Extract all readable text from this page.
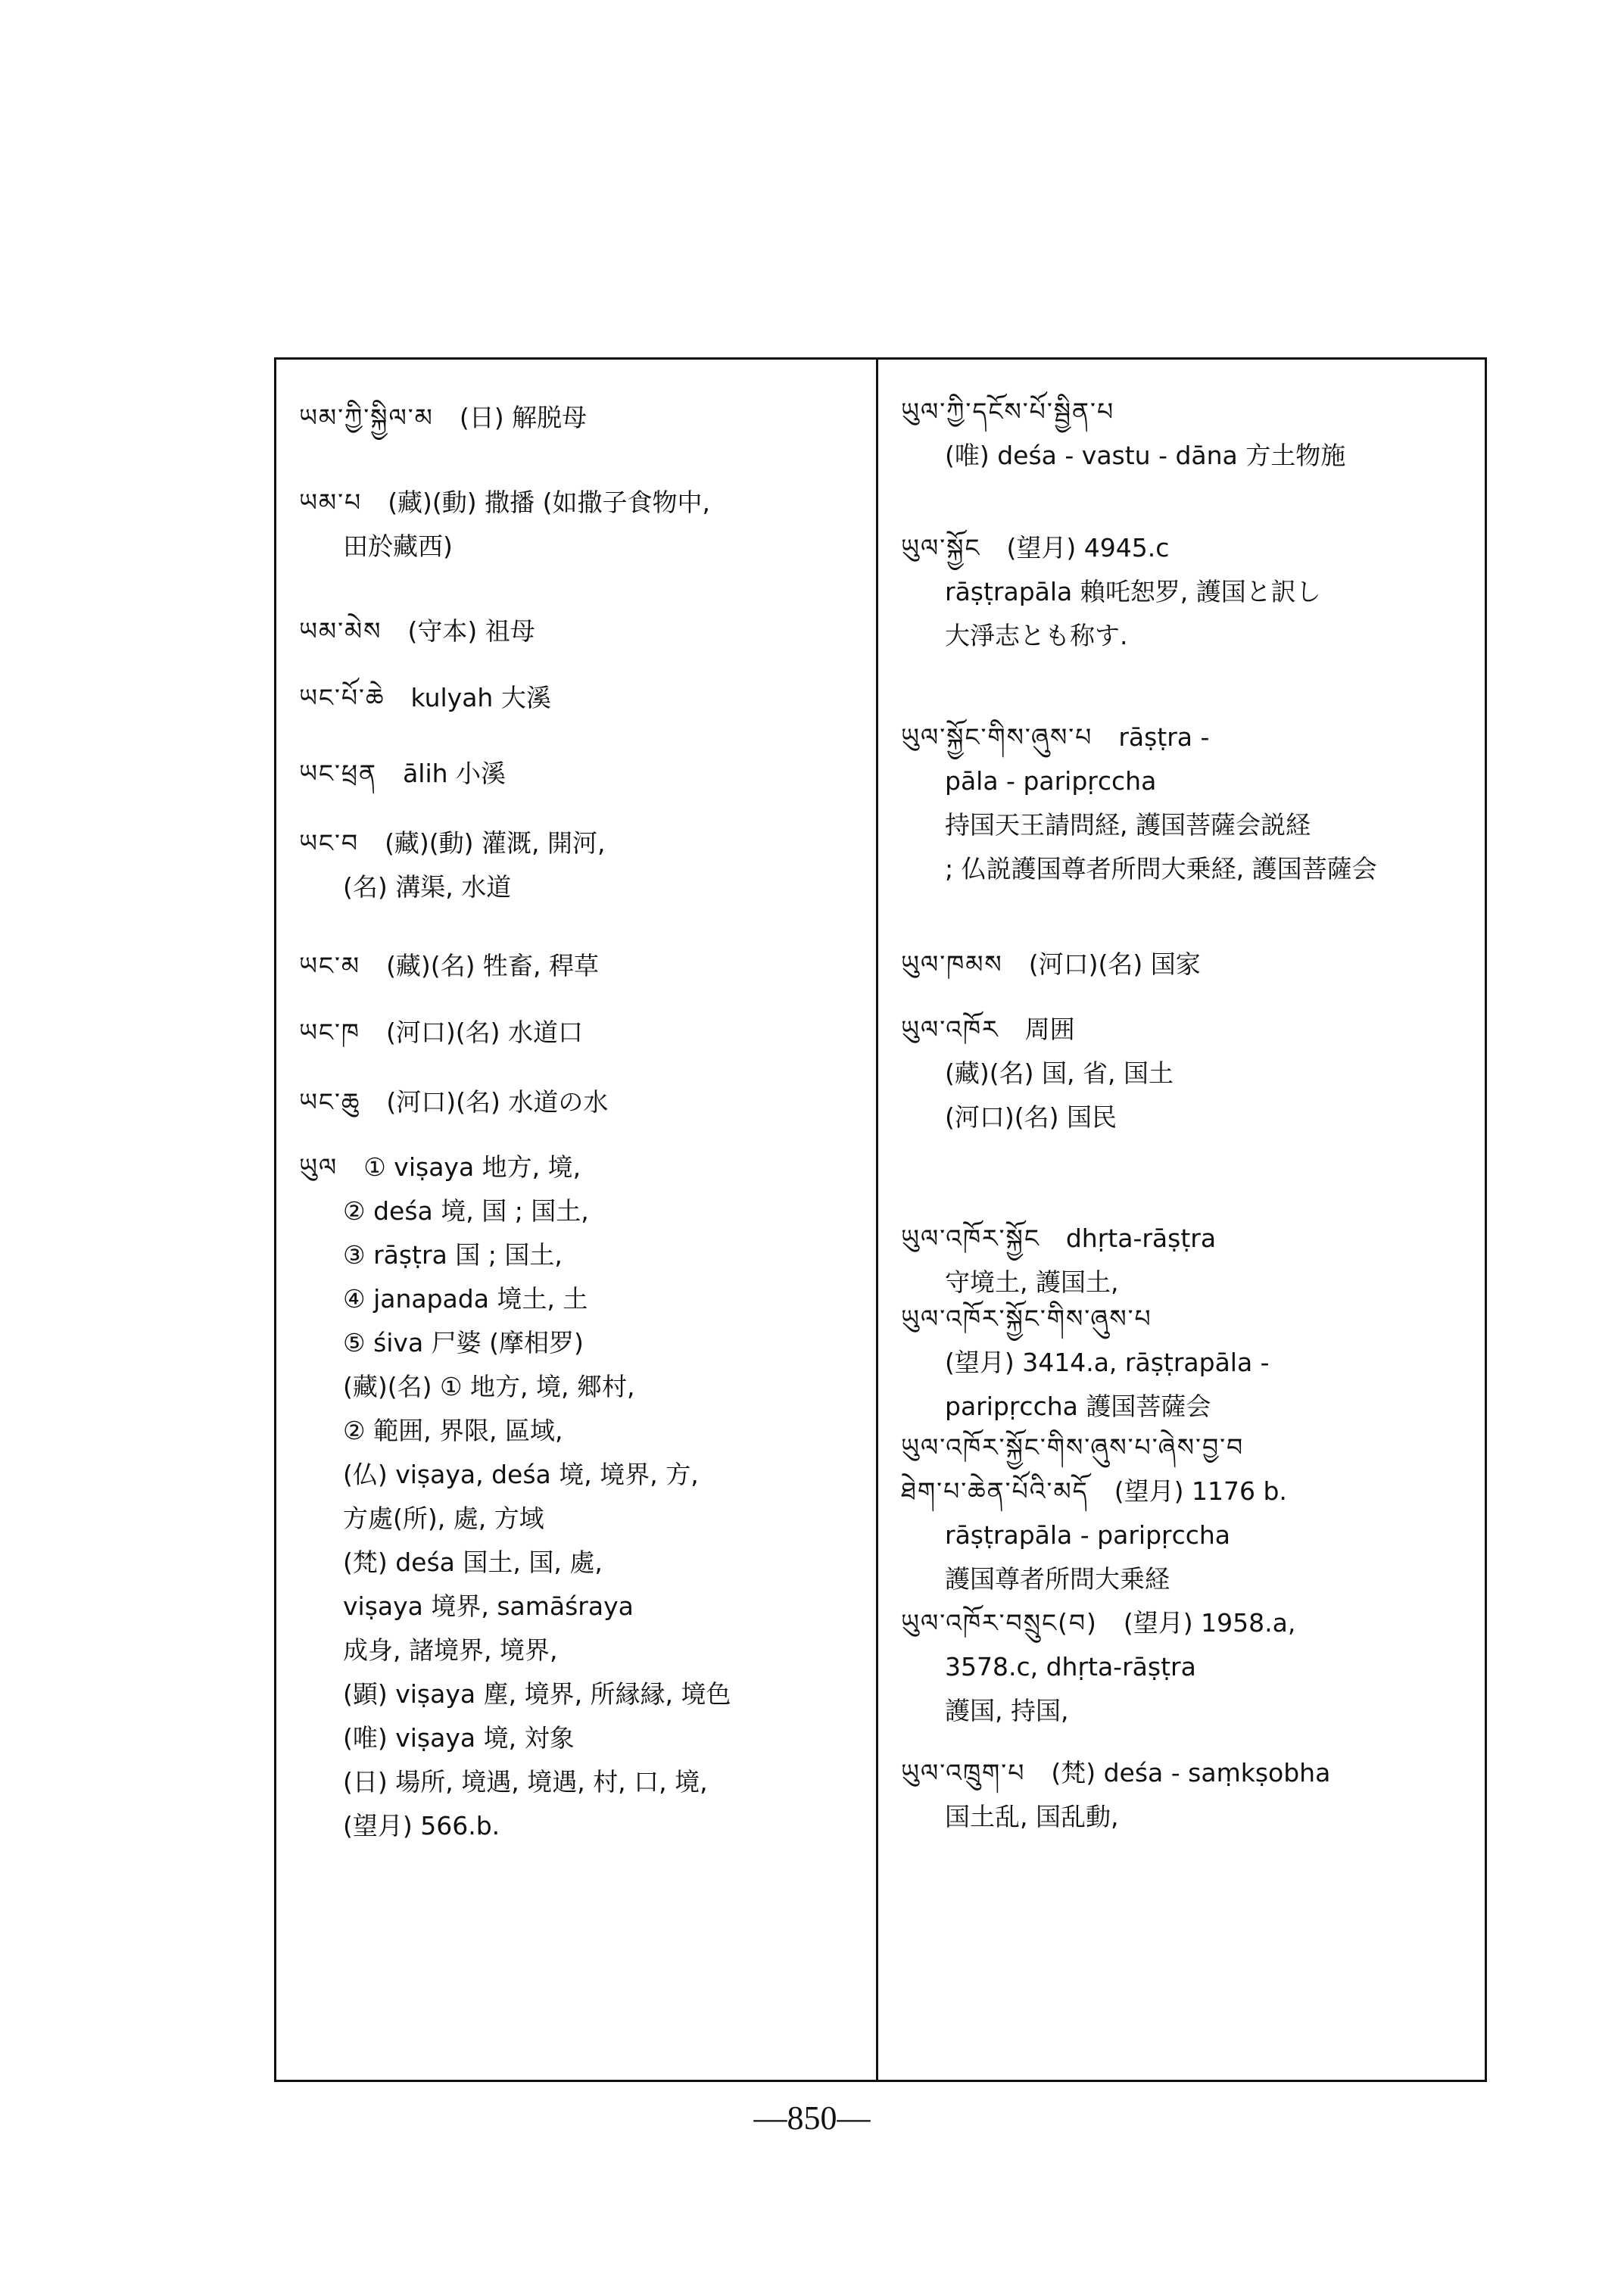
ཡམ་ཀྱི་སྐྱིལ་མ (日) 解脱母
ཡམ་པ (藏)(動) 撒播 (如撒子食物中,
田於藏西)
ཡམ་མེས (守本) 祖母
ཡང་པོ་ཆེ kulyah 大溪
ཡང་ཕྲན ālih 小溪
ཡང་བ (藏)(動) 灌溉, 開河,
(名) 溝渠, 水道
ཡང་མ (藏)(名) 牲畜, 稈草
ཡང་ཁ (河口)(名) 水道口
ཡང་ཆུ (河口)(名) 水道の水
ཡུལ ① viṣaya 地方, 境,
② deśa 境, 国 ; 国土,
③ rāṣṭra 国 ; 国土,
④ janapada 境土, 土
⑤ śiva 尸婆 (摩相罗)
(藏)(名) ① 地方, 境, 郷村,
② 範囲, 界限, 區域,
(仏) viṣaya, deśa 境, 境界, 方,
方處(所), 處, 方域
(梵) deśa 国土, 国, 處,
viṣaya 境界, samāśraya
成身, 諸境界, 境界,
(顕) viṣaya 塵, 境界, 所縁縁, 境色
(唯) viṣaya 境, 対象
(日) 場所, 境遇, 境遇, 村, 口, 境,
(望月) 566.b.
ཡུལ་ཀྱི་དངོས་པོ་སྦྱིན་པ
(唯) deśa - vastu - dāna 方土物施
ཡུལ་སྐྱོང (望月) 4945.c
rāṣṭrapāla 賴吒恕罗, 護国と訳し
大淨志とも称す.
ཡུལ་སྐྱོང་གིས་ཞུས་པ rāṣṭra -
pāla - paripṛccha
持国天王請問経, 護国菩薩会説経
; 仏説護国尊者所問大乗経, 護国菩薩会
ཡུལ་ཁམས (河口)(名) 国家
ཡུལ་འཁོར 周囲
(藏)(名) 国, 省, 国土
(河口)(名) 国民
ཡུལ་འཁོར་སྐྱོང dhṛta-rāṣṭra
守境土, 護国土,
ཡུལ་འཁོར་སྐྱོང་གིས་ཞུས་པ
(望月) 3414.a, rāṣṭrapāla -
paripṛccha 護国菩薩会
ཡུལ་འཁོར་སྐྱོང་གིས་ཞུས་པ་ཞེས་བྱ་བ
ཐེག་པ་ཆེན་པོའི་མདོ (望月) 1176 b.
rāṣṭrapāla - paripṛccha
護国尊者所問大乗経
ཡུལ་འཁོར་བསྲུང(བ) (望月) 1958.a,
3578.c, dhṛta-rāṣṭra
護国, 持国,
ཡུལ་འཁྲུག་པ (梵) deśa - saṃkṣobha
国土乱, 国乱動,
—850—
